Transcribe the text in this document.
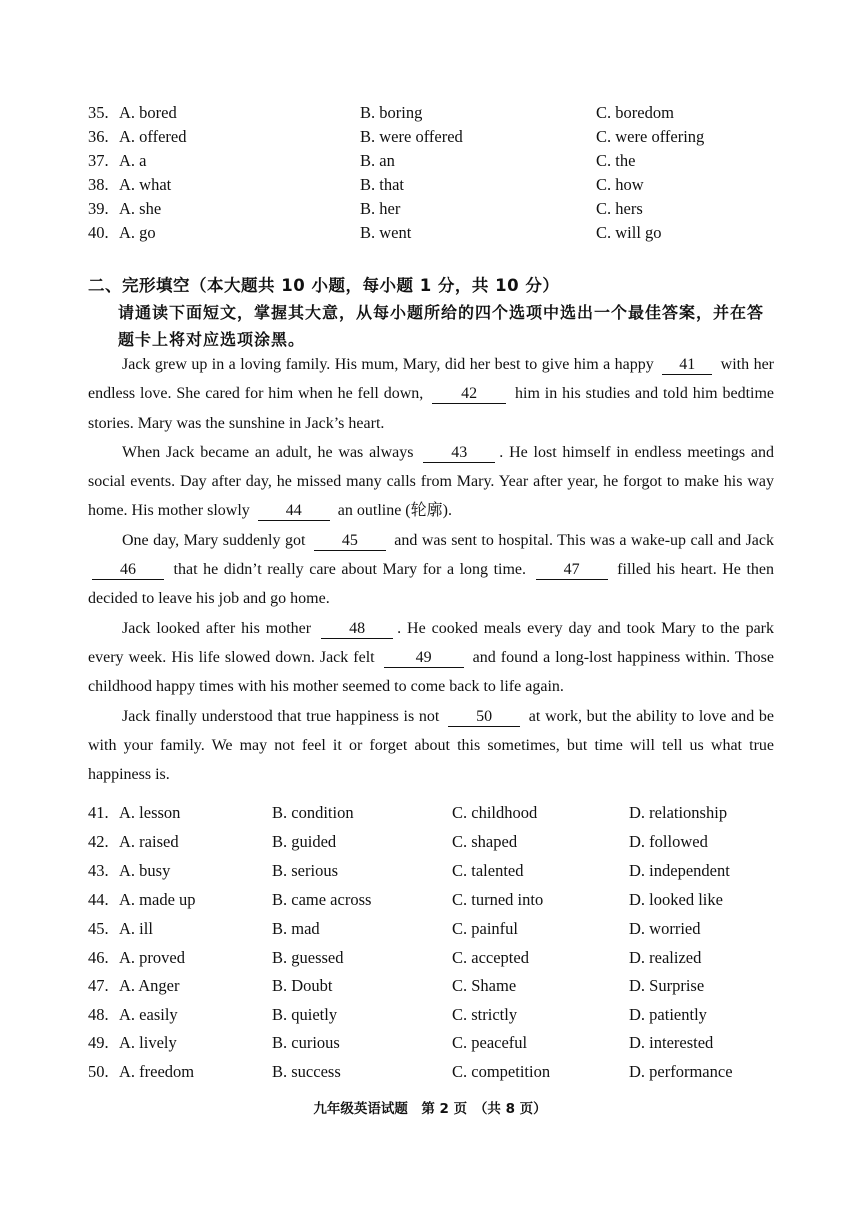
35. A. bored	B. boring	C. boredom
36. A. offered	B. were offered	C. were offering
37. A. a	B. an	C. the
38. A. what	B. that	C. how
39. A. she	B. her	C. hers
40. A. go	B. went	C. will go
二、完形填空（本大题共 10 小题，每小题 1 分，共 10 分）
请通读下面短文，掌握其大意，从每小题所给的四个选项中选出一个最佳答案，并在答
题卡上将对应选项涂黑。

Jack grew up in a loving family. His mum, Mary, did her best to give him a happy 41 with her endless love. She cared for him when he fell down, 42 him in his studies and told him bedtime stories. Mary was the sunshine in Jack’s heart.

When Jack became an adult, he was always 43 . He lost himself in endless meetings and social events. Day after day, he missed many calls from Mary. Year after year, he forgot to make his way home. His mother slowly 44 an outline (轮廓).

One day, Mary suddenly got 45 and was sent to hospital. This was a wake-up call and Jack 46 that he didn’t really care about Mary for a long time. 47 filled his heart. He then decided to leave his job and go home.

Jack looked after his mother 48 . He cooked meals every day and took Mary to the park every week. His life slowed down. Jack felt 49 and found a long-lost happiness within. Those childhood happy times with his mother seemed to come back to life again.

Jack finally understood that true happiness is not 50 at work, but the ability to love and be with your family. We may not feel it or forget about this sometimes, but time will tell us what true happiness is.

41. A. lesson	B. condition	C. childhood	D. relationship
42. A. raised	B. guided	C. shaped	D. followed
43. A. busy	B. serious	C. talented	D. independent
44. A. made up	B. came across	C. turned into	D. looked like
45. A. ill	B. mad	C. painful	D. worried
46. A. proved	B. guessed	C. accepted	D. realized
47. A. Anger	B. Doubt	C. Shame	D. Surprise
48. A. easily	B. quietly	C. strictly	D. patiently
49. A. lively	B. curious	C. peaceful	D. interested
50. A. freedom	B. success	C. competition	D. performance
九年级英语试题　第 2 页　（共 8 页）
